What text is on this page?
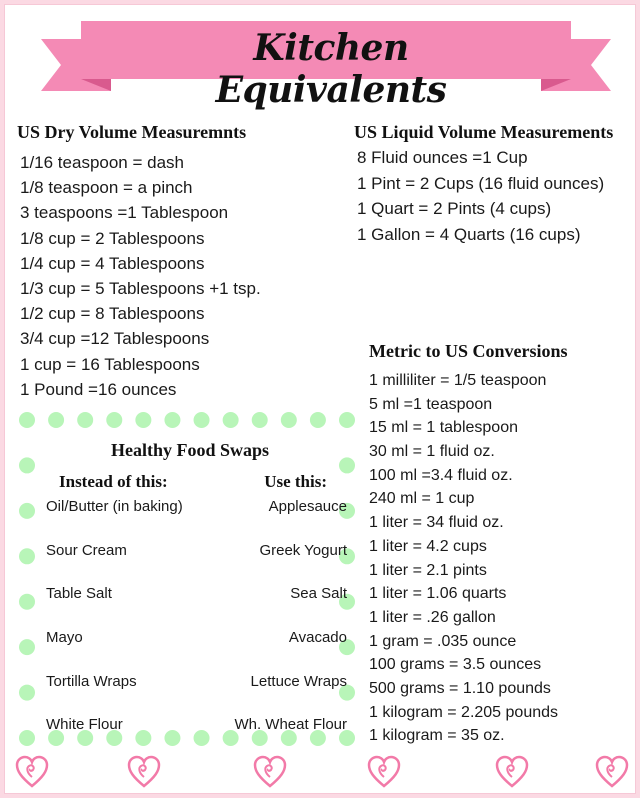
Kitchen Equivalents
US Dry Volume Measuremnts
1/16 teaspoon = dash
1/8 teaspoon = a pinch
3 teaspoons =1 Tablespoon
1/8 cup = 2 Tablespoons
1/4 cup = 4 Tablespoons
1/3 cup = 5 Tablespoons +1 tsp.
1/2 cup = 8 Tablespoons
3/4 cup =12 Tablespoons
1 cup = 16 Tablespoons
1 Pound =16 ounces
US Liquid Volume Measurements
8 Fluid ounces =1 Cup
1 Pint = 2 Cups (16 fluid ounces)
1 Quart = 2 Pints (4 cups)
1 Gallon = 4 Quarts (16 cups)
Metric to US Conversions
1 milliliter = 1/5 teaspoon
5 ml =1 teaspoon
15 ml = 1 tablespoon
30 ml = 1 fluid oz.
100 ml =3.4 fluid oz.
240 ml = 1 cup
1 liter = 34 fluid oz.
1 liter = 4.2 cups
1 liter = 2.1 pints
1 liter = 1.06 quarts
1 liter = .26 gallon
1 gram = .035 ounce
100 grams = 3.5 ounces
500 grams = 1.10 pounds
1 kilogram = 2.205 pounds
1 kilogram = 35 oz.
Healthy Food Swaps
Instead of this:	Use this:
Oil/Butter (in baking)
Sour Cream
Table Salt
Mayo
Tortilla Wraps
White Flour
Applesauce
Greek Yogurt
Sea Salt
Avacado
Lettuce Wraps
Wh. Wheat Flour
